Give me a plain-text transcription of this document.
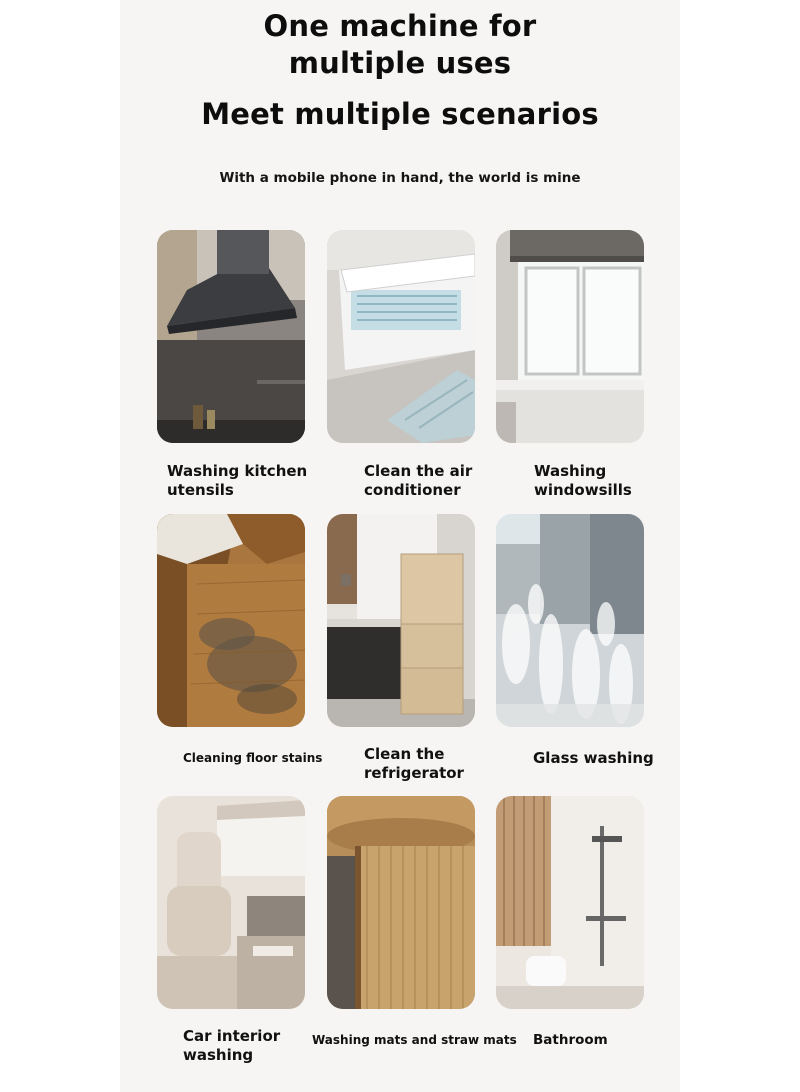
One machine for
multiple uses
Meet multiple scenarios
With a mobile phone in hand, the world is mine
Washing kitchen
utensils
Clean the air
conditioner
Washing
windowsills
Cleaning floor stains	Clean the
refrigerator
Glass washing
Car interior
washing
Washing mats and straw mats Bathroom
